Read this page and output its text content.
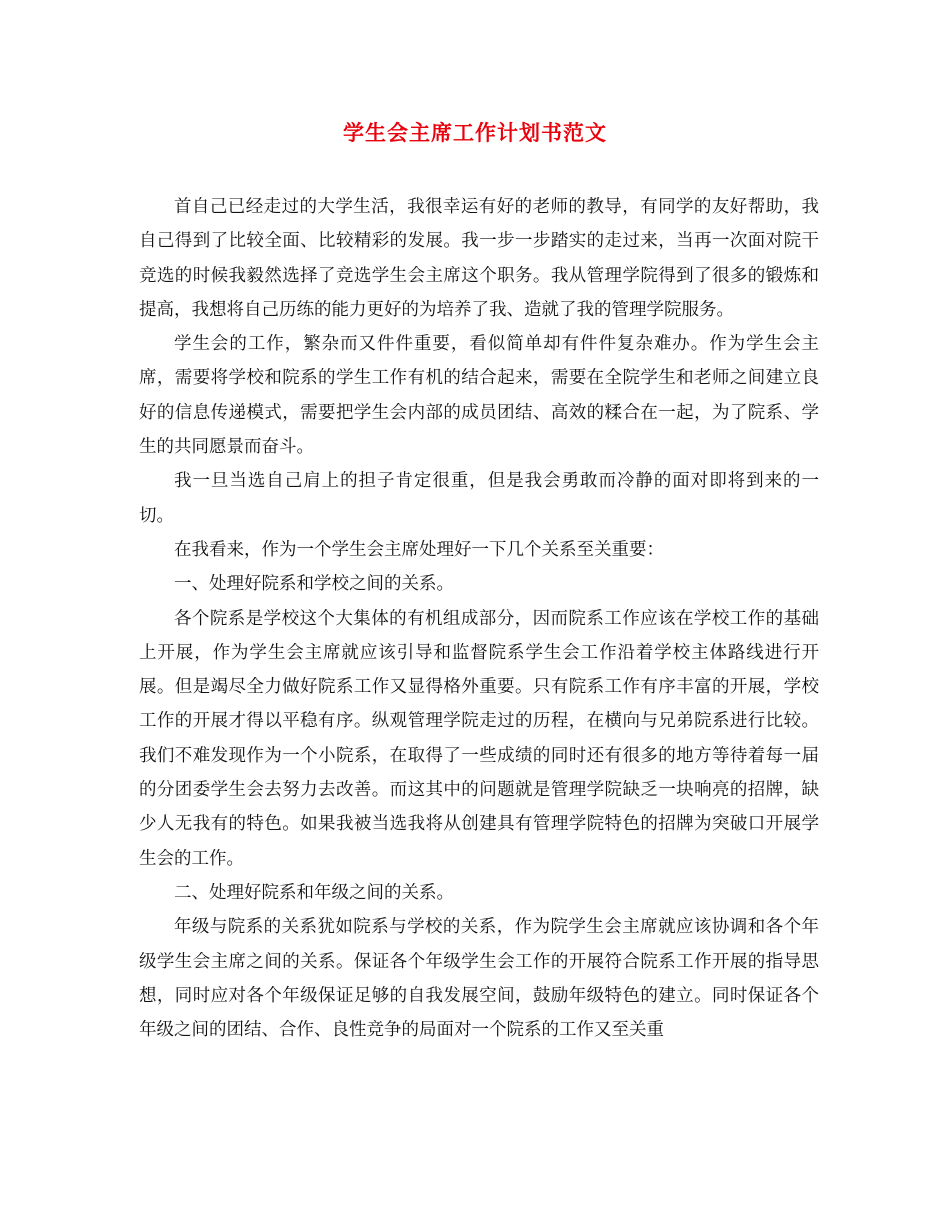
学生会主席工作计划书范文

首自己已经走过的大学生活，我很幸运有好的老师的教导，有同学的友好帮助，我自己得到了比较全面、比较精彩的发展。我一步一步踏实的走过来，当再一次面对院干竞选的时候我毅然选择了竞选学生会主席这个职务。我从管理学院得到了很多的锻炼和提高，我想将自己历练的能力更好的为培养了我、造就了我的管理学院服务。

学生会的工作，繁杂而又件件重要，看似简单却有件件复杂难办。作为学生会主席，需要将学校和院系的学生工作有机的结合起来，需要在全院学生和老师之间建立良好的信息传递模式，需要把学生会内部的成员团结、高效的糅合在一起，为了院系、学生的共同愿景而奋斗。

我一旦当选自己肩上的担子肯定很重，但是我会勇敢而冷静的面对即将到来的一切。

在我看来，作为一个学生会主席处理好一下几个关系至关重要：

一、处理好院系和学校之间的关系。

各个院系是学校这个大集体的有机组成部分，因而院系工作应该在学校工作的基础上开展，作为学生会主席就应该引导和监督院系学生会工作沿着学校主体路线进行开展。但是竭尽全力做好院系工作又显得格外重要。只有院系工作有序丰富的开展，学校工作的开展才得以平稳有序。纵观管理学院走过的历程，在横向与兄弟院系进行比较。我们不难发现作为一个小院系，在取得了一些成绩的同时还有很多的地方等待着每一届的分团委学生会去努力去改善。而这其中的问题就是管理学院缺乏一块响亮的招牌，缺少人无我有的特色。如果我被当选我将从创建具有管理学院特色的招牌为突破口开展学生会的工作。

二、处理好院系和年级之间的关系。

年级与院系的关系犹如院系与学校的关系，作为院学生会主席就应该协调和各个年级学生会主席之间的关系。保证各个年级学生会工作的开展符合院系工作开展的指导思想，同时应对各个年级保证足够的自我发展空间，鼓励年级特色的建立。同时保证各个年级之间的团结、合作、良性竞争的局面对一个院系的工作又至关重
